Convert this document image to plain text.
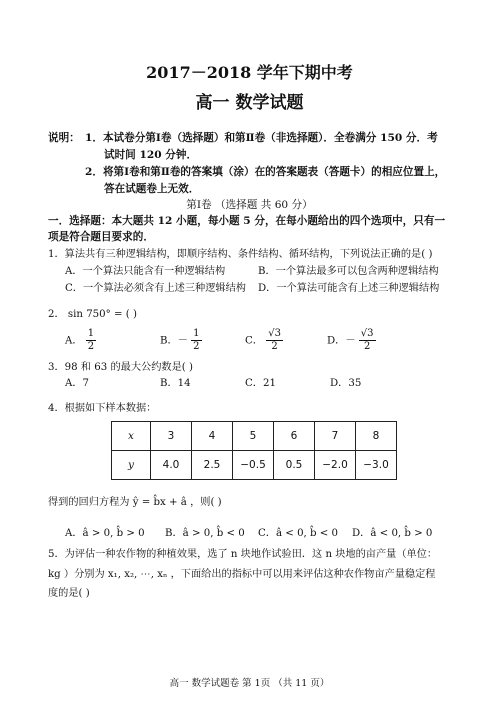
2017－2018 学年下期中考
高一 数学试题
说明： 1．本试卷分第Ⅰ卷（选择题）和第Ⅱ卷（非选择题）．全卷满分 150 分．考
试时间 120 分钟．
2．将第Ⅰ卷和第Ⅱ卷的答案填（涂）在的答案题表（答题卡）的相应位置上，
答在试题卷上无效．
第Ⅰ卷 （选择题 共 60 分）
一．选择题：本大题共 12 小题，每小题 5 分，在每小题给出的四个选项中，只有一
项是符合题目要求的．
1．算法共有三种逻辑结构，即顺序结构、条件结构、循环结构，下列说法正确的是( )
A．一个算法只能含有一种逻辑结构	B．一个算法最多可以包含两种逻辑结构
C．一个算法必须含有上述三种逻辑结构 D．一个算法可能含有上述三种逻辑结构
2． sin 750° = ( )
A． $\frac{1}{2}$	B．－ $\frac{1}{2}$	C． $\frac{√3}{2}$	D．－ $\frac{√3}{2}$
3．98 和 63 的最大公约数是( )
A．7	B．14	C．21	D．35
4．根据如下样本数据：
x	3	4	5	6	7	8
y	4.0	2.5	−0.5	0.5	−2.0	−3.0
得到的回归方程为 ŷ = b̂x + â ，则( )
A．â > 0, b̂ > 0 B．â > 0, b̂ < 0 C．â < 0, b̂ < 0 D．â < 0, b̂ > 0
5．为评估一种农作物的种植效果，选了 n 块地作试验田．这 n 块地的亩产量（单位：
kg ）分别为 x₁, x₂, ⋯, xₙ ，下面给出的指标中可以用来评估这种农作物亩产量稳定程
度的是( )
高一 数学试题卷 第 1页 （共 11 页）
